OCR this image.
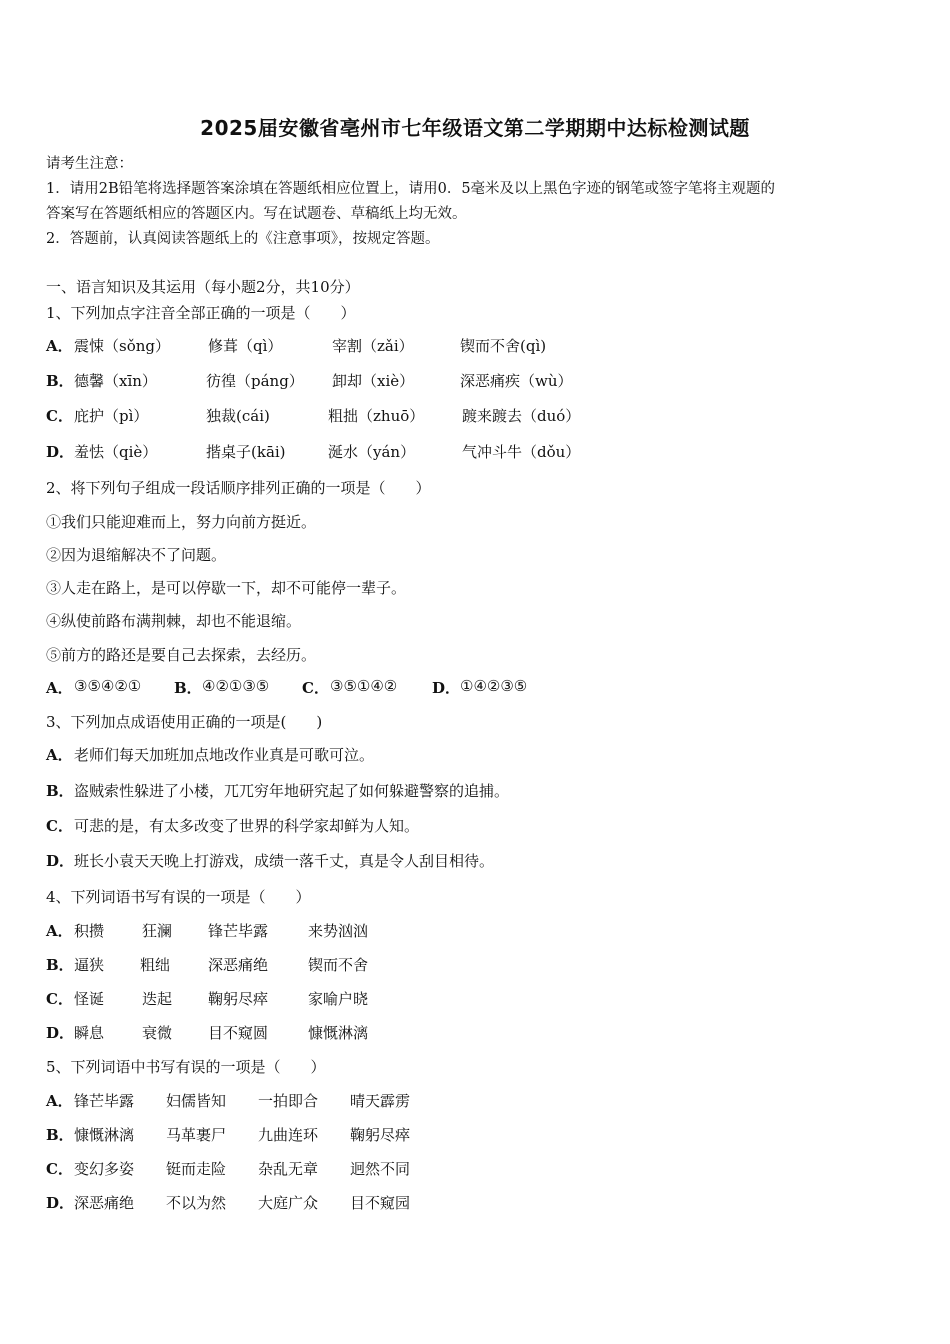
2025届安徽省亳州市七年级语文第二学期期中达标检测试题
请考生注意：
1．请用2B铅笔将选择题答案涂填在答题纸相应位置上，请用0．5毫米及以上黑色字迹的钢笔或签字笔将主观题的
答案写在答题纸相应的答题区内。写在试题卷、草稿纸上均无效。
2．答题前，认真阅读答题纸上的《注意事项》，按规定答题。
一、语言知识及其运用（每小题2分，共10分）
1、下列加点字注音全部正确的一项是（　　）
A． 震悚（sǒng）	修葺（qì）	宰割（zǎi）	锲而不舍(qì)
B． 德馨（xīn）	彷徨（páng） 卸却（xiè）	深恶痛疾（wù）
C． 庇护（pì）	独裁(cái)	粗拙（zhuō）	踱来踱去（duó）
D． 羞怯（qiè）	揩桌子(kāi)	涎水（yán）	气冲斗牛（dǒu）
2、将下列句子组成一段话顺序排列正确的一项是（　　）
①我们只能迎难而上，努力向前方挺近。
②因为退缩解决不了问题。
③人走在路上，是可以停歇一下，却不可能停一辈子。
④纵使前路布满荆棘，却也不能退缩。
⑤前方的路还是要自己去探索，去经历。
A． ③⑤④②① B． ④②①③⑤ C． ③⑤①④② D． ①④②③⑤
3、下列加点成语使用正确的一项是(　　)
A． 老师们每天加班加点地改作业真是可歌可泣。
B． 盗贼索性躲进了小楼，兀兀穷年地研究起了如何躲避警察的追捕。
C． 可悲的是，有太多改变了世界的科学家却鲜为人知。
D． 班长小袁天天晚上打游戏，成绩一落千丈，真是令人刮目相待。
4、下列词语书写有误的一项是（　　）
A． 积攒	狂澜 锋芒毕露	来势汹汹
B． 逼狭 粗绌	深恶痛绝	锲而不舍
C． 怪诞	迭起 鞠躬尽瘁	家喻户晓
D． 瞬息	衰微 目不窥圆	慷慨淋漓
5、下列词语中书写有误的一项是（　　）
A． 锋芒毕露 妇儒皆知 一拍即合 晴天霹雳
B． 慷慨淋漓 马革裹尸 九曲连环 鞠躬尽瘁
C． 变幻多姿 铤而走险 杂乱无章 迥然不同
D． 深恶痛绝 不以为然 大庭广众 目不窥园
